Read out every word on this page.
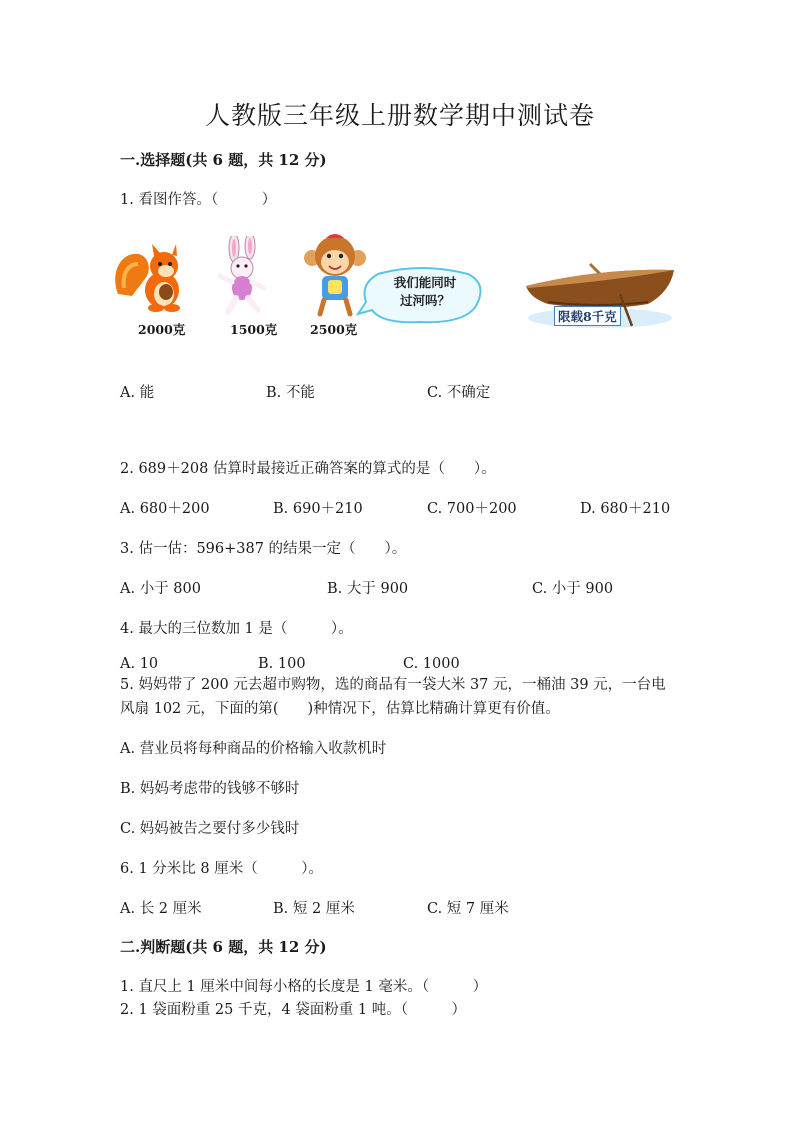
人教版三年级上册数学期中测试卷
一.选择题(共 6 题，共 12 分)
1. 看图作答。（　　　）
2000克	1500克	2500克
我们能同时
过河吗？
限载8千克
A. 能	B. 不能	C. 不确定
2. 689＋208 估算时最接近正确答案的算式的是（　　）。
A. 680＋200	B. 690＋210	C. 700＋200	D. 680＋210
3. 估一估：596+387 的结果一定（　　）。
A. 小于 800	B. 大于 900	C. 小于 900
4. 最大的三位数加 1 是（　　　）。
A. 10	B. 100	C. 1000
5. 妈妈带了 200 元去超市购物，选的商品有一袋大米 37 元，一桶油 39 元，一台电风扇 102 元，下面的第(　　)种情况下，估算比精确计算更有价值。
A. 营业员将每种商品的价格输入收款机时
B. 妈妈考虑带的钱够不够时
C. 妈妈被告之要付多少钱时
6. 1 分米比 8 厘米（　　　）。
A. 长 2 厘米	B. 短 2 厘米	C. 短 7 厘米
二.判断题(共 6 题，共 12 分)
1. 直尺上 1 厘米中间每小格的长度是 1 毫米。（　　　）
2. 1 袋面粉重 25 千克，4 袋面粉重 1 吨。（　　　）
